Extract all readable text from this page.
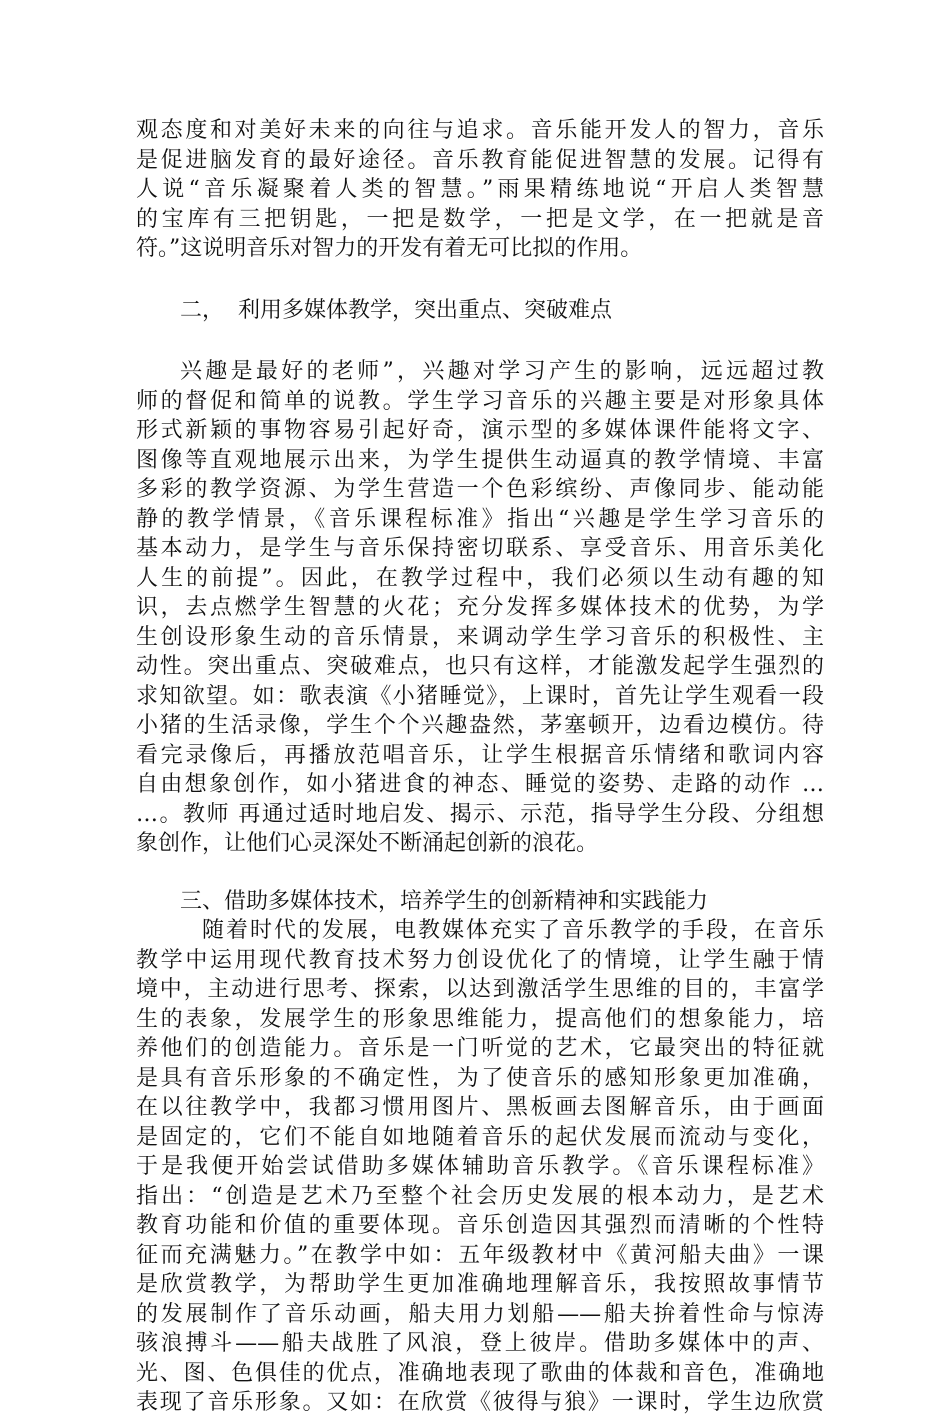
观态度和对美好未来的向往与追求。音乐能开发人的智力，音乐
是促进脑发育的最好途径。音乐教育能促进智慧的发展。记得有
人说“音乐凝聚着人类的智慧。”雨果精练地说“开启人类智慧
的宝库有三把钥匙，一把是数学，一把是文学，在一把就是音
符。”这说明音乐对智力的开发有着无可比拟的作用。
二，  利用多媒体教学，突出重点、突破难点
兴趣是最好的老师”，兴趣对学习产生的影响，远远超过教
师的督促和简单的说教。学生学习音乐的兴趣主要是对形象具体
形式新颖的事物容易引起好奇，演示型的多媒体课件能将文字、
图像等直观地展示出来，为学生提供生动逼真的教学情境、丰富
多彩的教学资源、为学生营造一个色彩缤纷、声像同步、能动能
静的教学情景，《音乐课程标准》指出“兴趣是学生学习音乐的
基本动力，是学生与音乐保持密切联系、享受音乐、用音乐美化
人生的前提”。因此，在教学过程中，我们必须以生动有趣的知
识，去点燃学生智慧的火花；充分发挥多媒体技术的优势，为学
生创设形象生动的音乐情景，来调动学生学习音乐的积极性、主
动性。突出重点、突破难点，也只有这样，才能激发起学生强烈的
求知欲望。如：歌表演《小猪睡觉》，上课时，首先让学生观看一段
小猪的生活录像，学生个个兴趣盎然，茅塞顿开，边看边模仿。待
看完录像后，再播放范唱音乐，让学生根据音乐情绪和歌词内容
自由想象创作，如小猪进食的神态、睡觉的姿势、走路的动作 …
…。教师 再通过适时地启发、揭示、示范，指导学生分段、分组想
象创作，让他们心灵深处不断涌起创新的浪花。
三、借助多媒体技术，培养学生的创新精神和实践能力
随着时代的发展，电教媒体充实了音乐教学的手段，在音乐
教学中运用现代教育技术努力创设优化了的情境，让学生融于情
境中，主动进行思考、探索，以达到激活学生思维的目的，丰富学
生的表象，发展学生的形象思维能力，提高他们的想象能力，培
养他们的创造能力。音乐是一门听觉的艺术，它最突出的特征就
是具有音乐形象的不确定性，为了使音乐的感知形象更加准确，
在以往教学中，我都习惯用图片、黑板画去图解音乐，由于画面
是固定的，它们不能自如地随着音乐的起伏发展而流动与变化，
于是我便开始尝试借助多媒体辅助音乐教学。《音乐课程标准》
指出：“创造是艺术乃至整个社会历史发展的根本动力，是艺术
教育功能和价值的重要体现。音乐创造因其强烈而清晰的个性特
征而充满魅力。”在教学中如：五年级教材中《黄河船夫曲》一课
是欣赏教学，为帮助学生更加准确地理解音乐，我按照故事情节
的发展制作了音乐动画，船夫用力划船——船夫拚着性命与惊涛
骇浪搏斗——船夫战胜了风浪，登上彼岸。借助多媒体中的声、
光、图、色俱佳的优点，准确地表现了歌曲的体裁和音色，准确地
表现了音乐形象。又如：在欣赏《彼得与狼》一课时，学生边欣赏
